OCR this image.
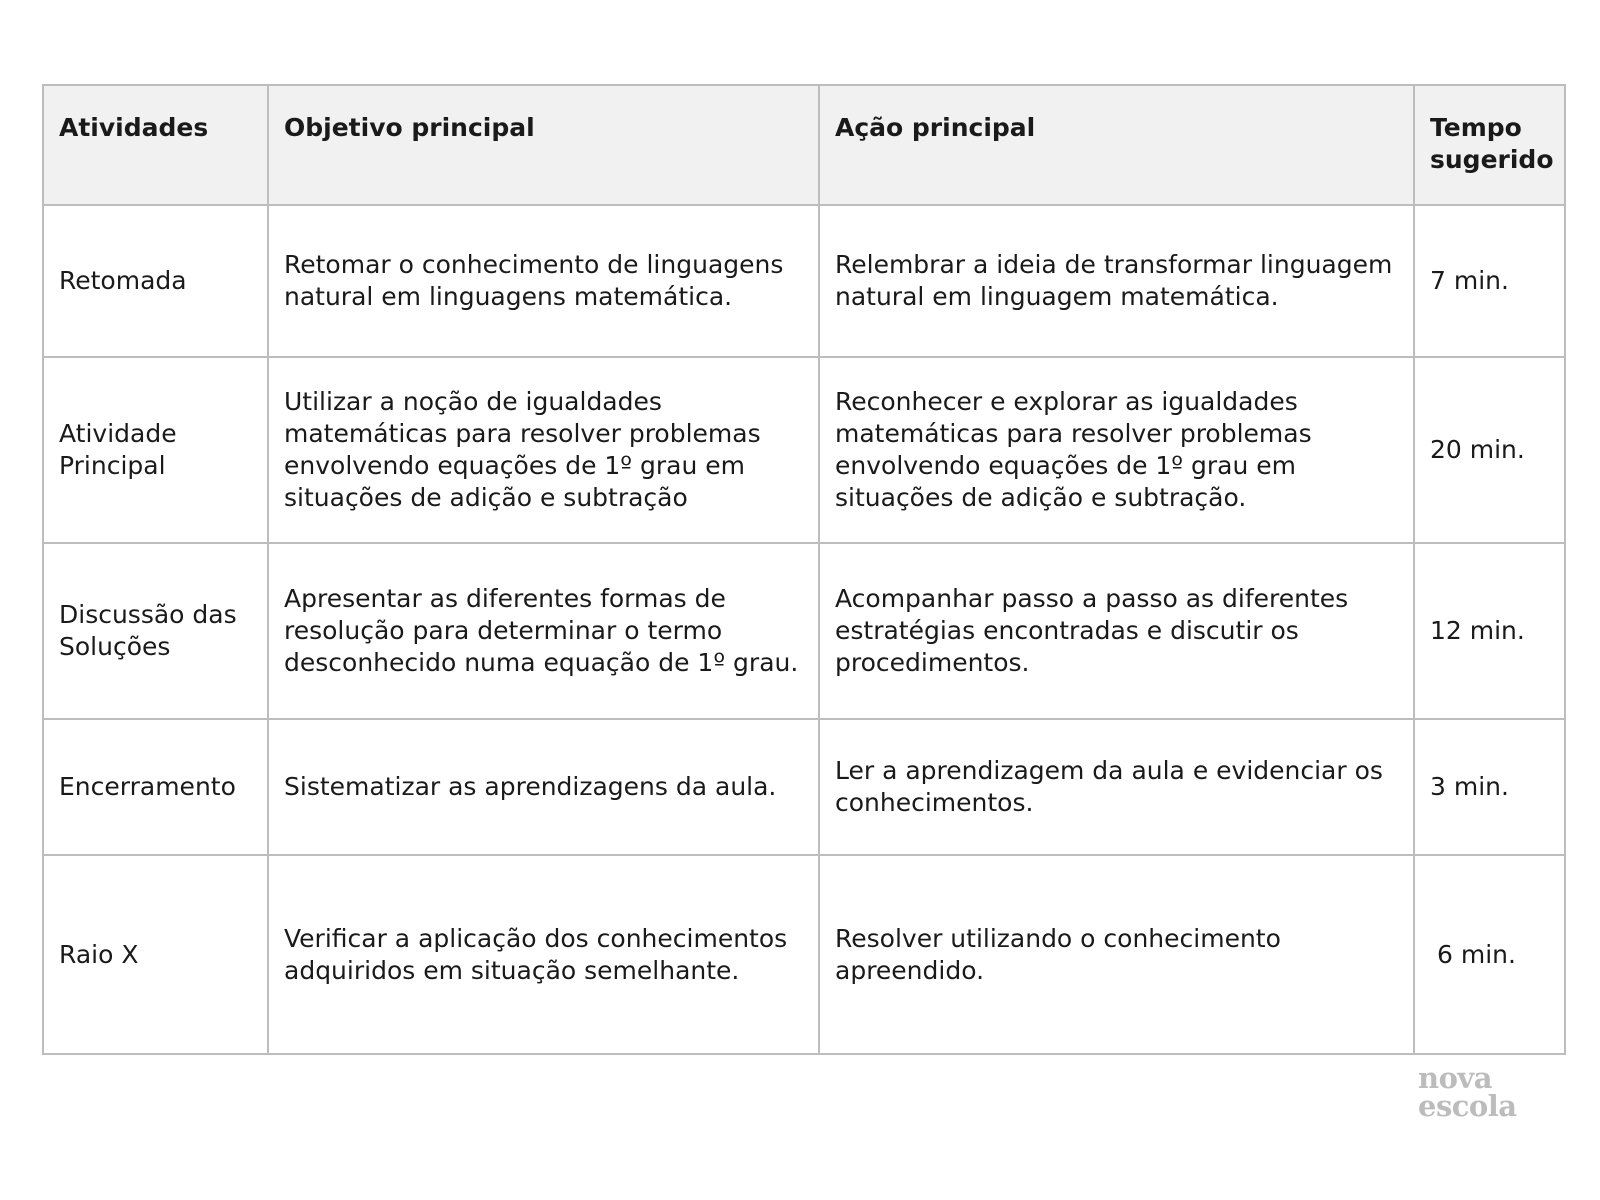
Atividades	Objetivo principal	Ação principal	Tempo sugerido
Retomada	Retomar o conhecimento de linguagens natural em linguagens matemática.	Relembrar a ideia de transformar linguagem natural em linguagem matemática.	7 min.
Atividade Principal	Utilizar a noção de igualdades matemáticas para resolver problemas envolvendo equações de 1º grau em situações de adição e subtração	Reconhecer e explorar as igualdades matemáticas para resolver problemas envolvendo equações de 1º grau em situações de adição e subtração.	20 min.
Discussão das Soluções	Apresentar as diferentes formas de resolução para determinar o termo desconhecido numa equação de 1º grau.	Acompanhar passo a passo as diferentes estratégias encontradas e discutir os procedimentos.	12 min.
Encerramento	Sistematizar as aprendizagens da aula.	Ler a aprendizagem da aula e evidenciar os conhecimentos.	3 min.
Raio X	Verificar a aplicação dos conhecimentos adquiridos em situação semelhante.	Resolver utilizando o conhecimento apreendido.	6 min.
nova
escola
